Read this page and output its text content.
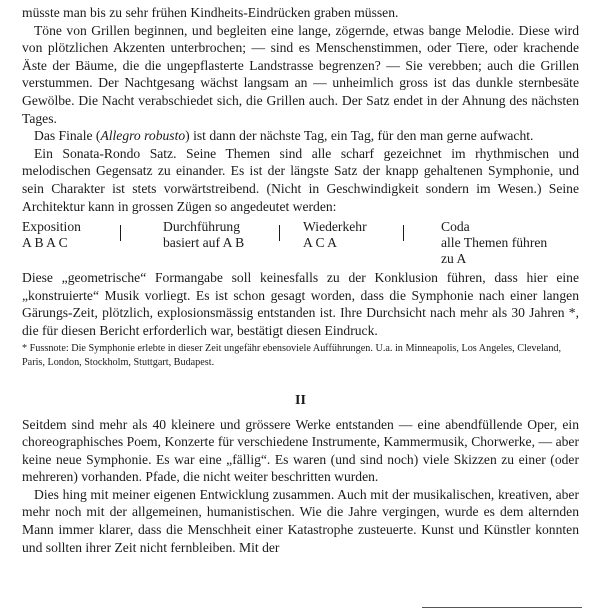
müsste man bis zu sehr frühen Kindheits-Eindrücken graben müssen.

Töne von Grillen beginnen, und begleiten eine lange, zögernde, etwas bange Melodie. Diese wird von plötzlichen Akzenten unterbrochen; — sind es Menschenstimmen, oder Tiere, oder krachende Äste der Bäume, die die ungepflasterte Landstrasse begrenzen? — Sie verebben; auch die Grillen verstummen. Der Nachtgesang wächst langsam an — unheimlich gross ist das dunkle sternbesäte Gewölbe. Die Nacht verabschiedet sich, die Grillen auch. Der Satz endet in der Ahnung des nächsten Tages.

Das Finale (Allegro robusto) ist dann der nächste Tag, ein Tag, für den man gerne aufwacht.

Ein Sonata-Rondo Satz. Seine Themen sind alle scharf gezeichnet im rhythmischen und melodischen Gegensatz zu einander. Es ist der längste Satz der knapp gehaltenen Symphonie, und sein Charakter ist stets vorwärtstreibend. (Nicht in Geschwindigkeit sondern im Wesen.) Seine Architektur kann in grossen Zügen so angedeutet werden:

Exposition
A B A C
Durchführung
basiert auf A B
Wiederkehr
A C A
Coda
alle Themen führen
zu A

Diese „geometrische“ Formangabe soll keinesfalls zu der Konklusion führen, dass hier eine „konstruierte“ Musik vorliegt. Es ist schon gesagt worden, dass die Symphonie nach einer langen Gärungs-Zeit, plötzlich, explosionsmässig entstanden ist. Ihre Durchsicht nach mehr als 30 Jahren *, die für diesen Bericht erforderlich war, bestätigt diesen Eindruck.

* Fussnote: Die Symphonie erlebte in dieser Zeit ungefähr ebensoviele Aufführungen. U.a. in Minneapolis, Los Angeles, Cleveland, Paris, London, Stockholm, Stuttgart, Budapest.

II

Seitdem sind mehr als 40 kleinere und grössere Werke entstanden — eine abendfüllende Oper, ein choreographisches Poem, Konzerte für verschiedene Instrumente, Kammermusik, Chorwerke, — aber keine neue Symphonie. Es war eine „fällig“. Es waren (und sind noch) viele Skizzen zu einer (oder mehreren) vorhanden. Pfade, die nicht weiter beschritten wurden.

Dies hing mit meiner eigenen Entwicklung zusammen. Auch mit der musikalischen, kreativen, aber mehr noch mit der allgemeinen, humanistischen. Wie die Jahre vergingen, wurde es dem alternden Mann immer klarer, dass die Menschheit einer Katastrophe zusteuerte. Kunst und Künstler konnten und sollten ihrer Zeit nicht fernbleiben. Mit der
